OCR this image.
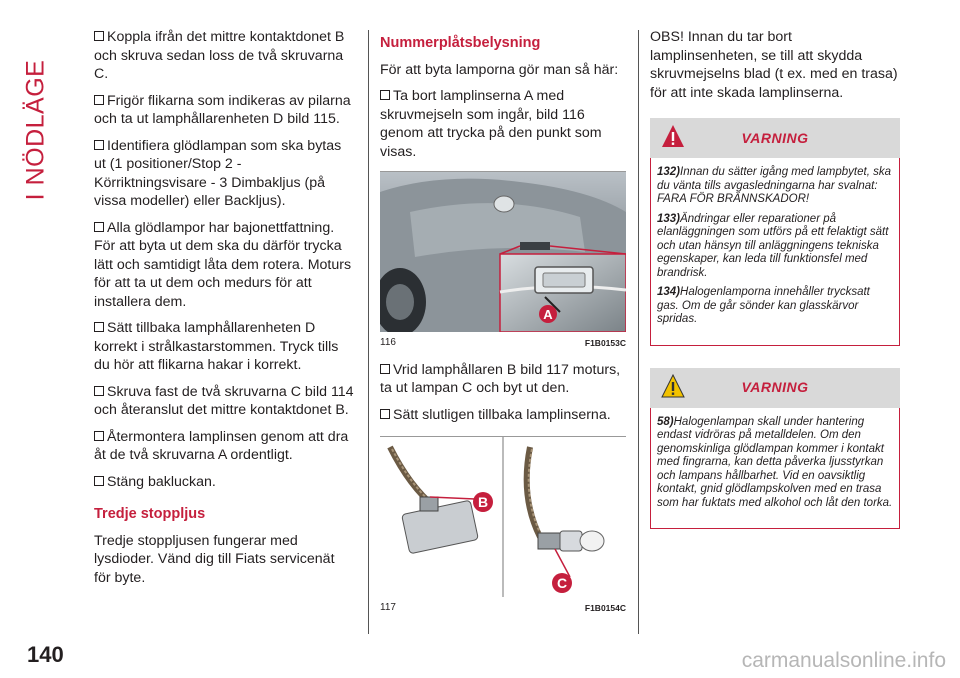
I NÖDLÄGE

Koppla ifrån det mittre kontaktdonet B och skruva sedan loss de två skruvarna C.

Frigör flikarna som indikeras av pilarna och ta ut lamphållarenheten D bild 115.

Identifiera glödlampan som ska bytas ut (1 positioner/Stop 2 - Körriktningsvisare - 3 Dimbakljus (på vissa modeller) eller Backljus).

Alla glödlampor har bajonettfattning. För att byta ut dem ska du därför trycka lätt och samtidigt låta dem rotera. Moturs för att ta ut dem och medurs för att installera dem.

Sätt tillbaka lamphållarenheten D korrekt i strålkastarstommen. Tryck tills du hör att flikarna hakar i korrekt.

Skruva fast de två skruvarna C bild 114 och återanslut det mittre kontaktdonet B.

Återmontera lamplinsen genom att dra åt de två skruvarna A ordentligt.

Stäng bakluckan.

Tredje stoppljus

Tredje stoppljusen fungerar med lysdioder. Vänd dig till Fiats servicenät för byte.

Nummerplåtsbelysning

För att byta lamporna gör man så här:

Ta bort lamplinserna A med skruvmejseln som ingår, bild 116 genom att trycka på den punkt som visas.

A
116	F1B0153C

Vrid lamphållaren B bild 117 moturs, ta ut lampan C och byt ut den.

Sätt slutligen tillbaka lamplinserna.

B
C
117	F1B0154C

OBS! Innan du tar bort lamplinsenheten, se till att skydda skruvmejselns blad (t ex. med en trasa) för att inte skada lamplinserna.

VARNING

132)Innan du sätter igång med lampbytet, ska du vänta tills avgasledningarna har svalnat: FARA FÖR BRÄNNSKADOR!

133)Ändringar eller reparationer på elanläggningen som utförs på ett felaktigt sätt och utan hänsyn till anläggningens tekniska egenskaper, kan leda till funktionsfel med brandrisk.

134)Halogenlamporna innehåller trycksatt gas. Om de går sönder kan glasskärvor spridas.

VARNING

58)Halogenlampan skall under hantering endast vidröras på metalldelen. Om den genomskinliga glödlampan kommer i kontakt med fingrarna, kan detta påverka ljusstyrkan och lampans hållbarhet. Vid en oavsiktlig kontakt, gnid glödlampskolven med en trasa som har fuktats med alkohol och låt den torka.

140	carmanualsonline.info
